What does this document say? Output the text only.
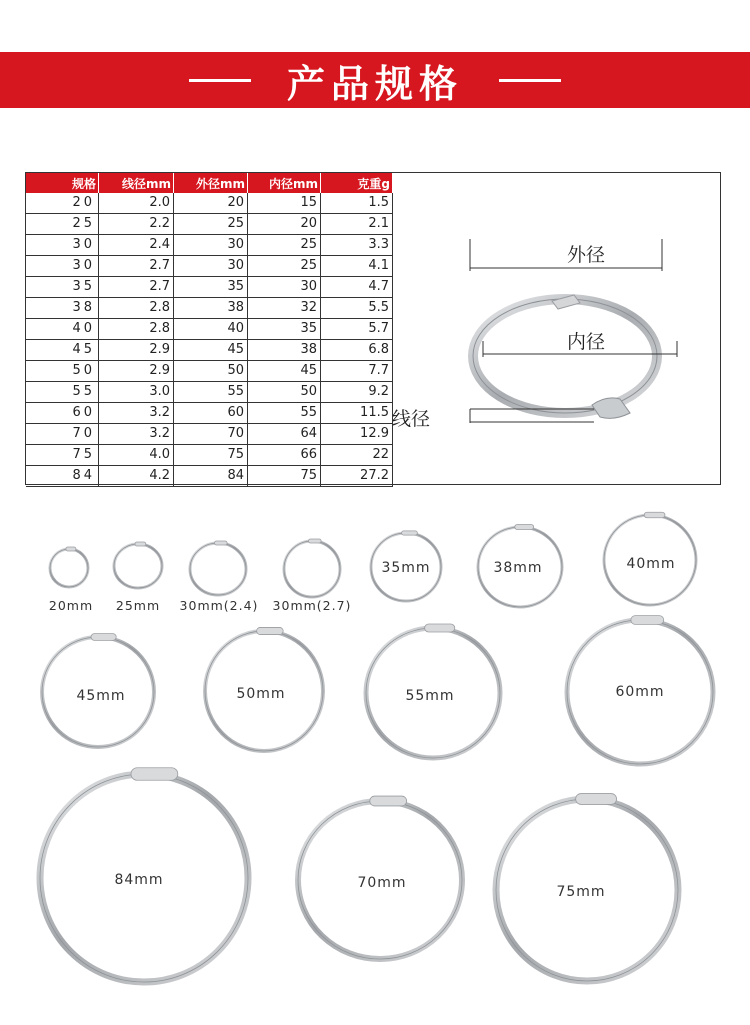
产品规格
规格	线径mm	外径mm	内径mm	克重g
20	2.0	20	15	1.5
25	2.2	25	20	2.1
30	2.4	30	25	3.3
30	2.7	30	25	4.1
35	2.7	35	30	4.7
38	2.8	38	32	5.5
40	2.8	40	35	5.7
45	2.9	45	38	6.8
50	2.9	50	45	7.7
55	3.0	55	50	9.2
60	3.2	60	55	11.5
70	3.2	70	64	12.9
75	4.0	75	66	22
84	4.2	84	75	27.2
外径
内径
线径
20mm 25mm 30mm(2.4) 30mm(2.7)
35mm	38mm	40mm
45mm	50mm	55mm	60mm
84mm	70mm
75mm
